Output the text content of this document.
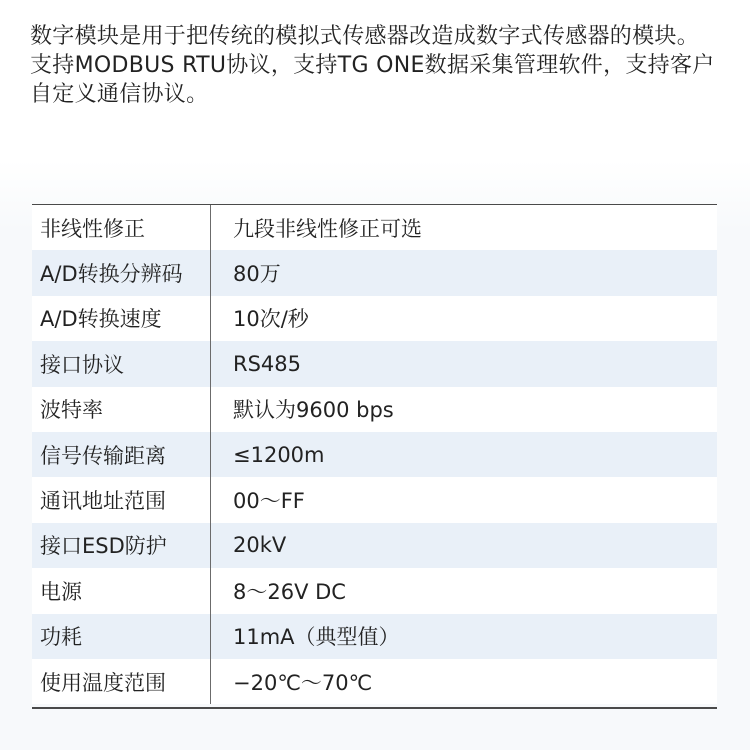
数字模块是用于把传统的模拟式传感器改造成数字式传感器的模块。

支持MODBUS RTU协议，支持TG ONE数据采集管理软件，支持客户自定义通信协议。

非线性修正	九段非线性修正可选
A/D转换分辨码	80万
A/D转换速度	10次/秒
接口协议	RS485
波特率	默认为9600 bps
信号传输距离	≤1200m
通讯地址范围	00～FF
接口ESD防护	20kV
电源	8～26V DC
功耗	11mA（典型值）
使用温度范围	−20℃～70℃
